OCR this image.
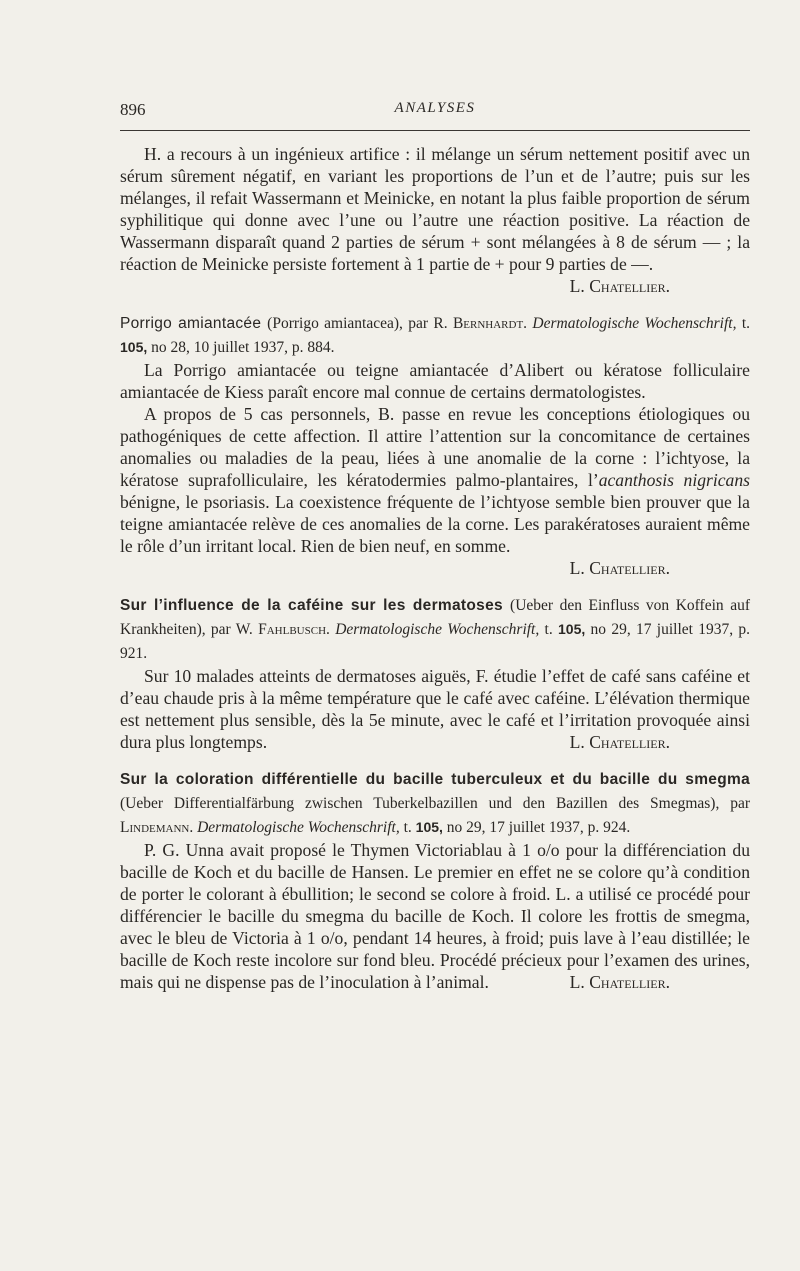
896	ANALYSES

H. a recours à un ingénieux artifice : il mélange un sérum nettement positif avec un sérum sûrement négatif, en variant les proportions de l’un et de l’autre; puis sur les mélanges, il refait Wassermann et Meinicke, en notant la plus faible proportion de sérum syphilitique qui donne avec l’une ou l’autre une réaction positive. La réaction de Wassermann disparaît quand 2 parties de sérum + sont mélangées à 8 de sérum — ; la réaction de Meinicke persiste fortement à 1 partie de + pour 9 parties de —.
L. Chatellier.

Porrigo amiantacée (Porrigo amiantacea), par R. Bernhardt. Dermatologische Wochenschrift, t. 105, no 28, 10 juillet 1937, p. 884.

La Porrigo amiantacée ou teigne amiantacée d’Alibert ou kératose folliculaire amiantacée de Kiess paraît encore mal connue de certains dermatologistes.

A propos de 5 cas personnels, B. passe en revue les conceptions étiologiques ou pathogéniques de cette affection. Il attire l’attention sur la concomitance de certaines anomalies ou maladies de la peau, liées à une anomalie de la corne : l’ichtyose, la kératose suprafolliculaire, les kératodermies palmo-plantaires, l’acanthosis nigricans bénigne, le psoriasis. La coexistence fréquente de l’ichtyose semble bien prouver que la teigne amiantacée relève de ces anomalies de la corne. Les parakératoses auraient même le rôle d’un irritant local. Rien de bien neuf, en somme.

L. Chatellier.

Sur l’influence de la caféine sur les dermatoses (Ueber den Einfluss von Koffein auf Krankheiten), par W. Fahlbusch. Dermatologische Wochenschrift, t. 105, no 29, 17 juillet 1937, p. 921.

Sur 10 malades atteints de dermatoses aiguës, F. étudie l’effet de café sans caféine et d’eau chaude pris à la même température que le café avec caféine. L’élévation thermique est nettement plus sensible, dès la 5e minute, avec le café et l’irritation provoquée ainsi dura plus longtemps.	L. Chatellier.

Sur la coloration différentielle du bacille tuberculeux et du bacille du smegma (Ueber Differentialfärbung zwischen Tuberkelbazillen und den Bazillen des Smegmas), par Lindemann. Dermatologische Wochenschrift, t. 105, no 29, 17 juillet 1937, p. 924.

P. G. Unna avait proposé le Thymen Victoriablau à 1 o/o pour la différenciation du bacille de Koch et du bacille de Hansen. Le premier en effet ne se colore qu’à condition de porter le colorant à ébullition; le second se colore à froid. L. a utilisé ce procédé pour différencier le bacille du smegma du bacille de Koch. Il colore les frottis de smegma, avec le bleu de Victoria à 1 o/o, pendant 14 heures, à froid; puis lave à l’eau distillée; le bacille de Koch reste incolore sur fond bleu. Procédé précieux pour l’examen des urines, mais qui ne dispense pas de l’inoculation à l’animal.	L. Chatellier.
